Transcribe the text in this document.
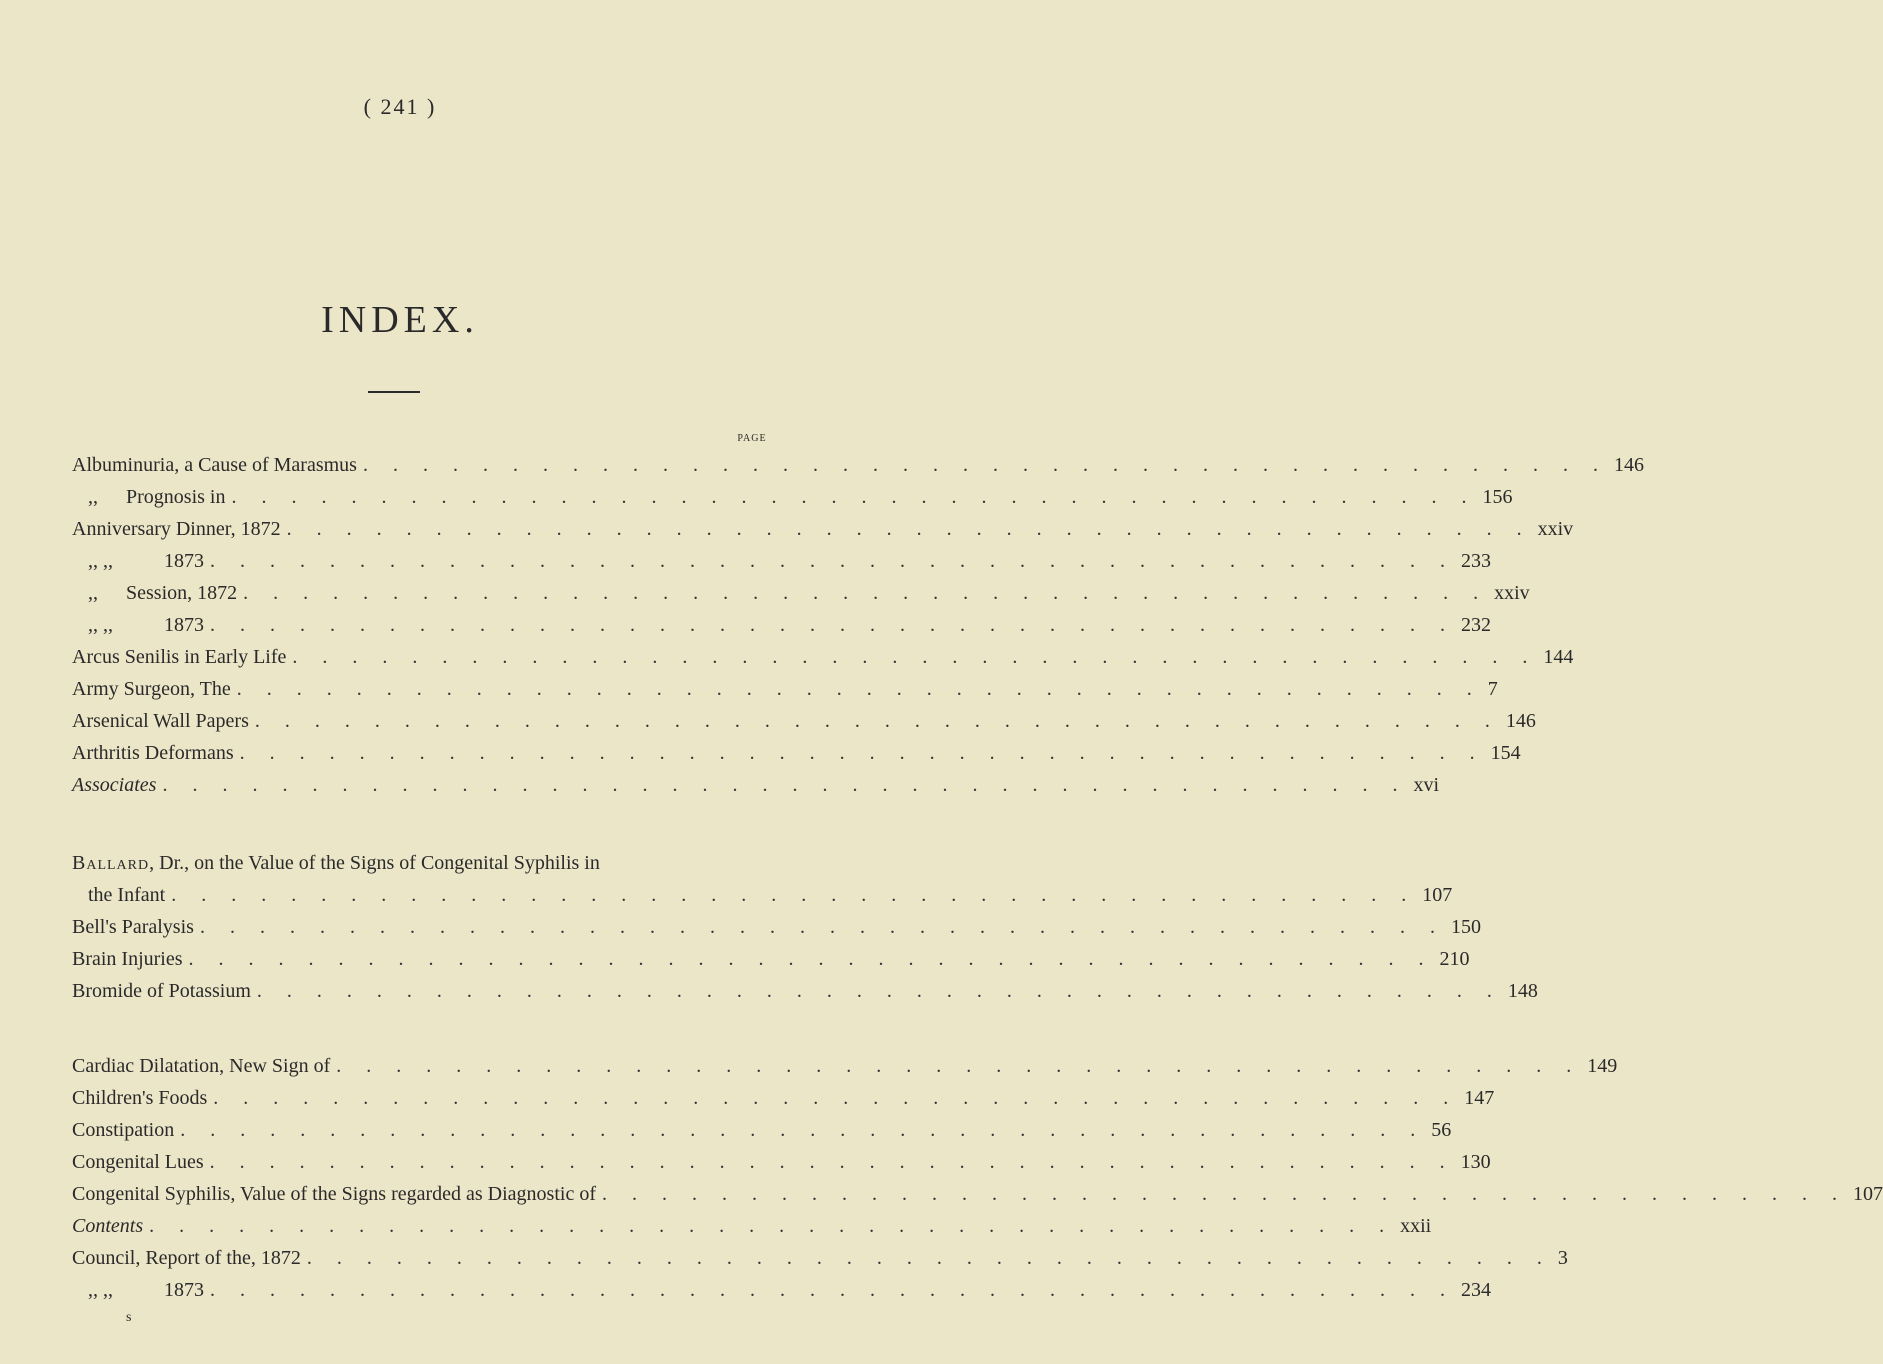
( 241 )
INDEX.
PAGE
Albuminuria, a Cause of Marasmus . . . . . . . . . . . . . . . . . . . . . . . . . . . . . . . . . . . . . . . . . . 146
,, Prognosis in . . . . . . . . . . . . . . . . . . . . . . . . . . . . . . . . . . . . . . . . . . 156
Anniversary Dinner, 1872 . . . . . . . . . . . . . . . . . . . . . . . . . . . . . . . . . . . . . . . . . . xxiv
,, ,,	1873 . . . . . . . . . . . . . . . . . . . . . . . . . . . . . . . . . . . . . . . . . . 233
,, Session, 1872 . . . . . . . . . . . . . . . . . . . . . . . . . . . . . . . . . . . . . . . . . . xxiv
,, ,,	1873 . . . . . . . . . . . . . . . . . . . . . . . . . . . . . . . . . . . . . . . . . . 232
Arcus Senilis in Early Life . . . . . . . . . . . . . . . . . . . . . . . . . . . . . . . . . . . . . . . . . . 144
Army Surgeon, The . . . . . . . . . . . . . . . . . . . . . . . . . . . . . . . . . . . . . . . . . . 7
Arsenical Wall Papers . . . . . . . . . . . . . . . . . . . . . . . . . . . . . . . . . . . . . . . . . . 146
Arthritis Deformans . . . . . . . . . . . . . . . . . . . . . . . . . . . . . . . . . . . . . . . . . . 154
Associates . . . . . . . . . . . . . . . . . . . . . . . . . . . . . . . . . . . . . . . . . . xvi
Ballard, Dr., on the Value of the Signs of Congenital Syphilis in
the Infant . . . . . . . . . . . . . . . . . . . . . . . . . . . . . . . . . . . . . . . . . . 107
Bell's Paralysis . . . . . . . . . . . . . . . . . . . . . . . . . . . . . . . . . . . . . . . . . . 150
Brain Injuries . . . . . . . . . . . . . . . . . . . . . . . . . . . . . . . . . . . . . . . . . . 210
Bromide of Potassium . . . . . . . . . . . . . . . . . . . . . . . . . . . . . . . . . . . . . . . . . . 148
Cardiac Dilatation, New Sign of . . . . . . . . . . . . . . . . . . . . . . . . . . . . . . . . . . . . . . . . . . 149
Children's Foods . . . . . . . . . . . . . . . . . . . . . . . . . . . . . . . . . . . . . . . . . . 147
Constipation . . . . . . . . . . . . . . . . . . . . . . . . . . . . . . . . . . . . . . . . . . 56
Congenital Lues . . . . . . . . . . . . . . . . . . . . . . . . . . . . . . . . . . . . . . . . . . 130
Congenital Syphilis, Value of the Signs regarded as Diagnostic of . . . . . . . . . . . . . . . . . . . . . . . . . . . . . . . . . . . . . . . . . . 107
Contents . . . . . . . . . . . . . . . . . . . . . . . . . . . . . . . . . . . . . . . . . . xxii
Council, Report of the, 1872 . . . . . . . . . . . . . . . . . . . . . . . . . . . . . . . . . . . . . . . . . . 3
,, ,,	1873 . . . . . . . . . . . . . . . . . . . . . . . . . . . . . . . . . . . . . . . . . . 234
s
